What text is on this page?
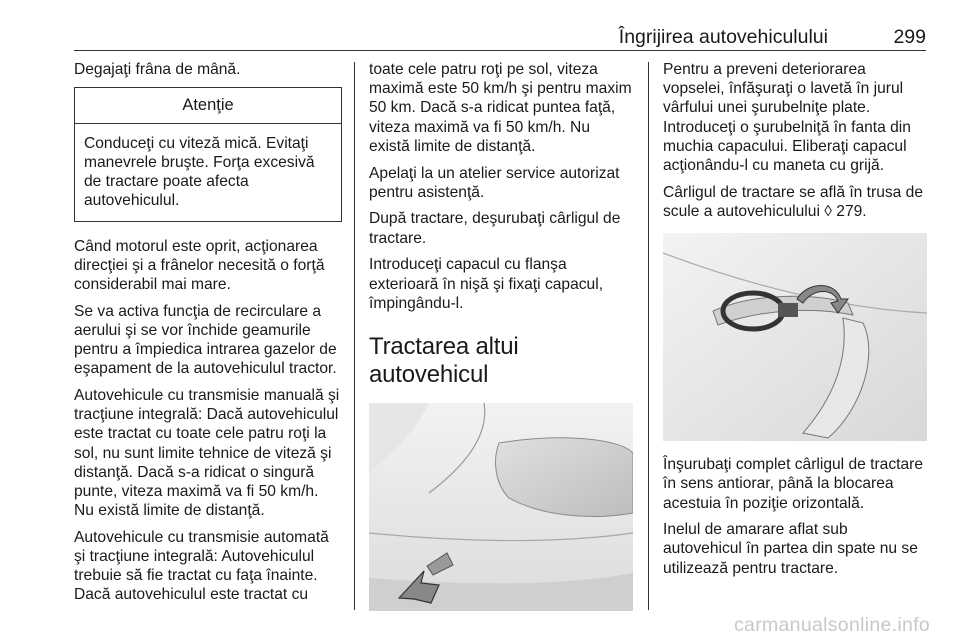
Îngrijirea autovehiculului	299

Degajaţi frâna de mână.

Atenţie

Conduceţi cu viteză mică. Evitaţi manevrele bruşte. Forţa excesivă de tractare poate afecta autovehiculul.

Când motorul este oprit, acţionarea direcţiei şi a frânelor necesită o forţă considerabil mai mare.

Se va activa funcţia de recirculare a aerului şi se vor închide geamurile pentru a împiedica intrarea gazelor de eşapament de la autovehiculul tractor.

Autovehicule cu transmisie manuală şi tracţiune integrală: Dacă autovehiculul este tractat cu toate cele patru roţi la sol, nu sunt limite tehnice de viteză şi distanţă. Dacă s-a ridicat o singură punte, viteza maximă va fi 50 km/h. Nu există limite de distanţă.

Autovehicule cu transmisie automată şi tracţiune integrală: Autovehiculul trebuie să fie tractat cu faţa înainte. Dacă autovehiculul este tractat cu

toate cele patru roţi pe sol, viteza maximă este 50 km/h şi pentru maxim 50 km. Dacă s-a ridicat puntea faţă, viteza maximă va fi 50 km/h. Nu există limite de distanţă.

Apelaţi la un atelier service autorizat pentru asistenţă.

După tractare, deşurubaţi cârligul de tractare.

Introduceţi capacul cu flanşa exterioară în nişă şi fixaţi capacul, împingându-l.

Tractarea altui autovehicul

Pentru a preveni deteriorarea vopselei, înfăşuraţi o lavetă în jurul vârfului unei şurubelniţe plate. Introduceţi o şurubelniţă în fanta din muchia capacului. Eliberaţi capacul acţionându-l cu maneta cu grijă.

Cârligul de tractare se află în trusa de scule a autovehiculului ◊ 279.

Înşurubaţi complet cârligul de tractare în sens antiorar, până la blocarea acestuia în poziţie orizontală.

Inelul de amarare aflat sub autovehicul în partea din spate nu se utilizează pentru tractare.

carmanualsonline.info
